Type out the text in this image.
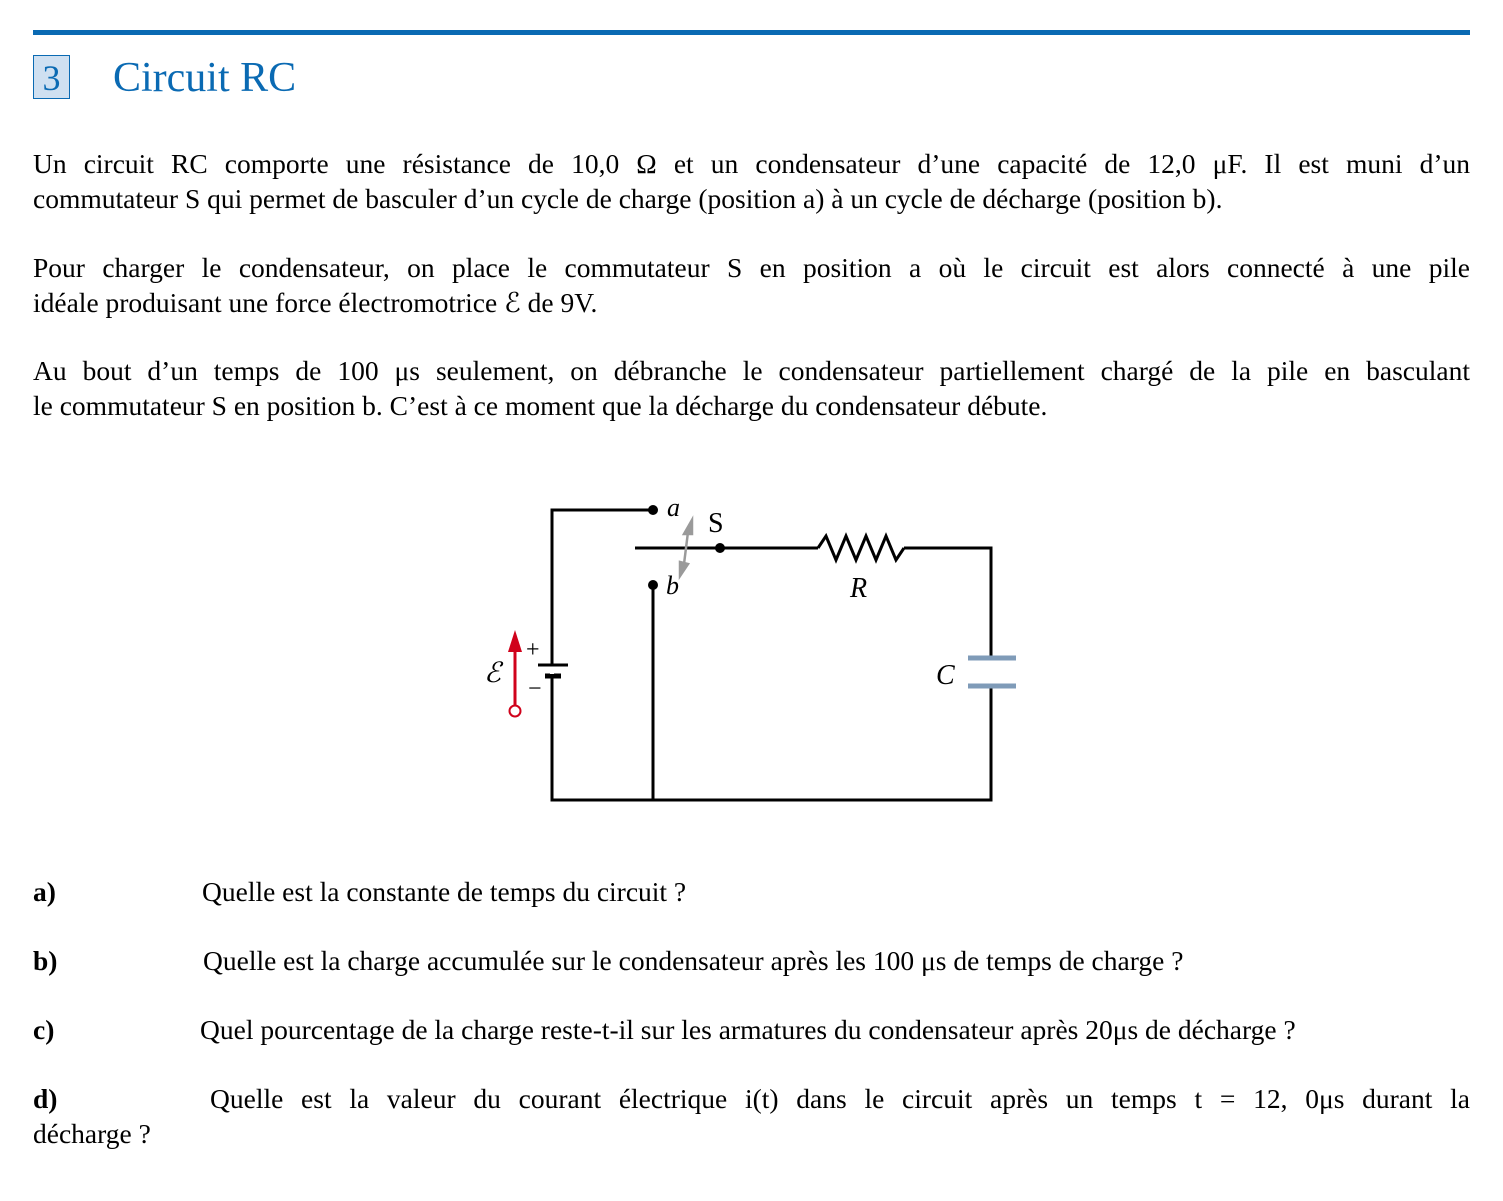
3 Circuit RC
Un circuit RC comporte une résistance de 10,0 Ω et un condensateur d’une capacité de 12,0 μF. Il est muni d’un
commutateur S qui permet de basculer d’un cycle de charge (position a) à un cycle de décharge (position b).
Pour charger le condensateur, on place le commutateur S en position a où le circuit est alors connecté à une pile
idéale produisant une force électromotrice ℰ de 9V.
Au bout d’un temps de 100 μs seulement, on débranche le condensateur partiellement chargé de la pile en basculant
le commutateur S en position b. C’est à ce moment que la décharge du condensateur débute.
a
S
b	R
C
ℰ
+
−
a)	Quelle est la constante de temps du circuit ?
b)	Quelle est la charge accumulée sur le condensateur après les 100 μs de temps de charge ?
c)	Quel pourcentage de la charge reste-t-il sur les armatures du condensateur après 20μs de décharge ?
d)	Quelle est la valeur du courant électrique i(t) dans le circuit après un temps t = 12, 0μs durant la
décharge ?
